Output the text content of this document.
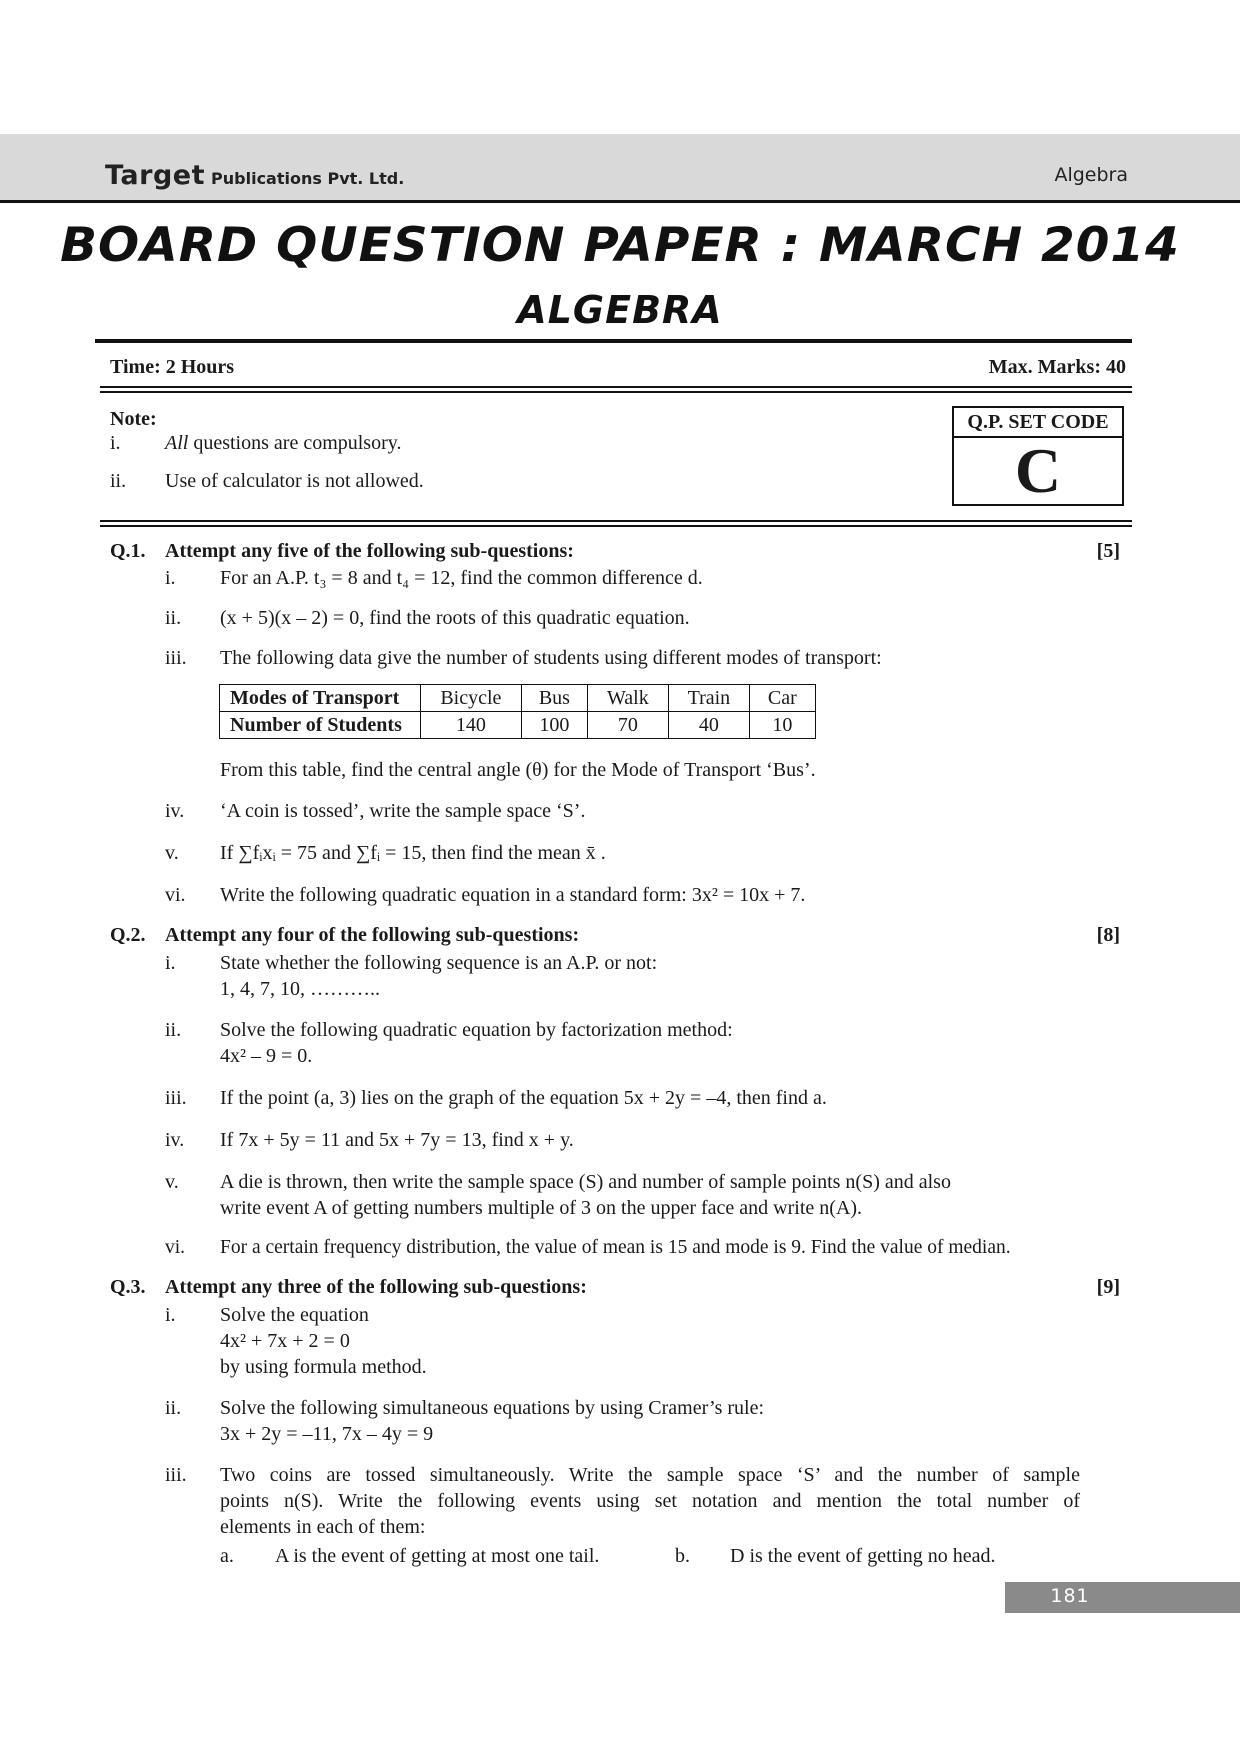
Target Publications Pvt. Ltd.	Algebra
BOARD QUESTION PAPER : MARCH 2014
ALGEBRA
Time: 2 Hours	Max. Marks: 40
Note:
i. All questions are compulsory.
ii. Use of calculator is not allowed.
Q.P. SET CODE
C
Q.1. Attempt any five of the following sub-questions:	[5]
i. For an A.P. t₃ = 8 and t₄ = 12, find the common difference d.
ii. (x + 5)(x – 2) = 0, find the roots of this quadratic equation.
iii. The following data give the number of students using different modes of transport:
Modes of Transport	Bicycle	Bus	Walk	Train	Car
Number of Students	140	100	70	40	10
From this table, find the central angle (θ) for the Mode of Transport ‘Bus’.
iv. ‘A coin is tossed’, write the sample space ‘S’.
v. If ∑fᵢxᵢ = 75 and ∑fᵢ = 15, then find the mean x̄ .
vi. Write the following quadratic equation in a standard form: 3x² = 10x + 7.
Q.2. Attempt any four of the following sub-questions:	[8]
i. State whether the following sequence is an A.P. or not:
1, 4, 7, 10, ………..
ii. Solve the following quadratic equation by factorization method:
4x² – 9 = 0.
iii. If the point (a, 3) lies on the graph of the equation 5x + 2y = –4, then find a.
iv. If 7x + 5y = 11 and 5x + 7y = 13, find x + y.
v. A die is thrown, then write the sample space (S) and number of sample points n(S) and also
write event A of getting numbers multiple of 3 on the upper face and write n(A).
vi. For a certain frequency distribution, the value of mean is 15 and mode is 9. Find the value of median.
Q.3. Attempt any three of the following sub-questions:	[9]
i. Solve the equation
4x² + 7x + 2 = 0
by using formula method.
ii. Solve the following simultaneous equations by using Cramer’s rule:
3x + 2y = –11, 7x – 4y = 9
iii. Two coins are tossed simultaneously. Write the sample space ‘S’ and the number of sample
points n(S). Write the following events using set notation and mention the total number of
elements in each of them:
a. A is the event of getting at most one tail.	b. D is the event of getting no head.
181
